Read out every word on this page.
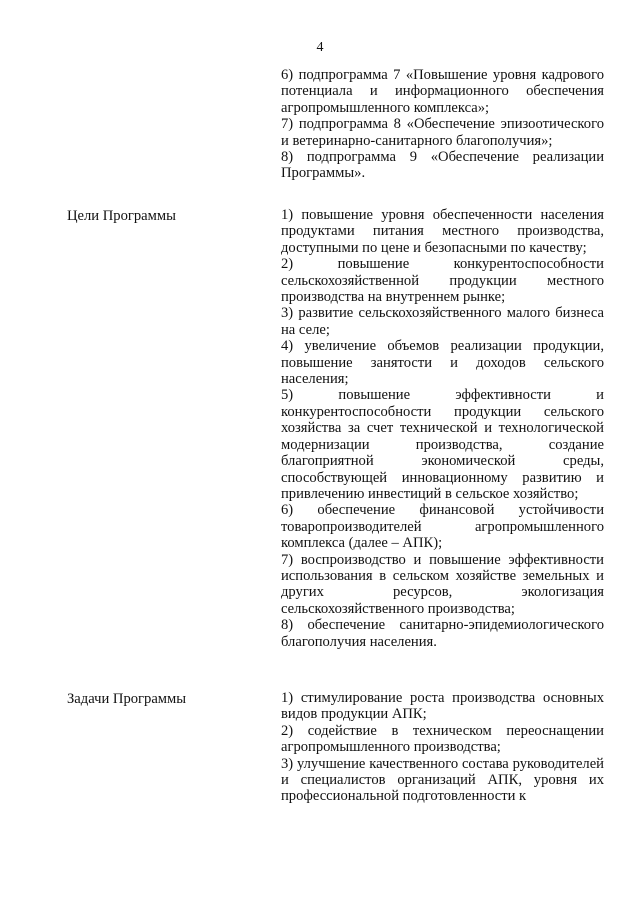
4

6) подпрограмма 7 «Повышение уровня кадрового потенциала и информационного обеспечения агропромышленного комплекса»;

7) подпрограмма 8 «Обеспечение эпизоотического и ветеринарно-санитарного благополучия»;

8) подпрограмма 9 «Обеспечение реализации Программы».

Цели Программы	1) повышение уровня обеспеченности населения продуктами питания местного производства, доступными по цене и безопасными по качеству;

2) повышение конкурентоспособности сельскохозяйственной продукции местного производства на внутреннем рынке;

3) развитие сельскохозяйственного малого бизнеса на селе;

4) увеличение объемов реализации продукции, повышение занятости и доходов сельского населения;

5) повышение эффективности и конкурентоспособности продукции сельского хозяйства за счет технической и технологической модернизации производства, создание благоприятной экономической среды, способствующей инновационному развитию и привлечению инвестиций в сельское хозяйство;

6) обеспечение финансовой устойчивости товаропроизводителей агропромышленного комплекса (далее – АПК);

7) воспроизводство и повышение эффективности использования в сельском хозяйстве земельных и других ресурсов, экологизация сельскохозяйственного производства;

8) обеспечение санитарно-эпидемиологического благополучия населения.

Задачи Программы	1) стимулирование роста производства основных видов продукции АПК;

2) содействие в техническом переоснащении агропромышленного производства;

3) улучшение качественного состава руководителей и специалистов организаций АПК, уровня их профессиональной подготовленности к
